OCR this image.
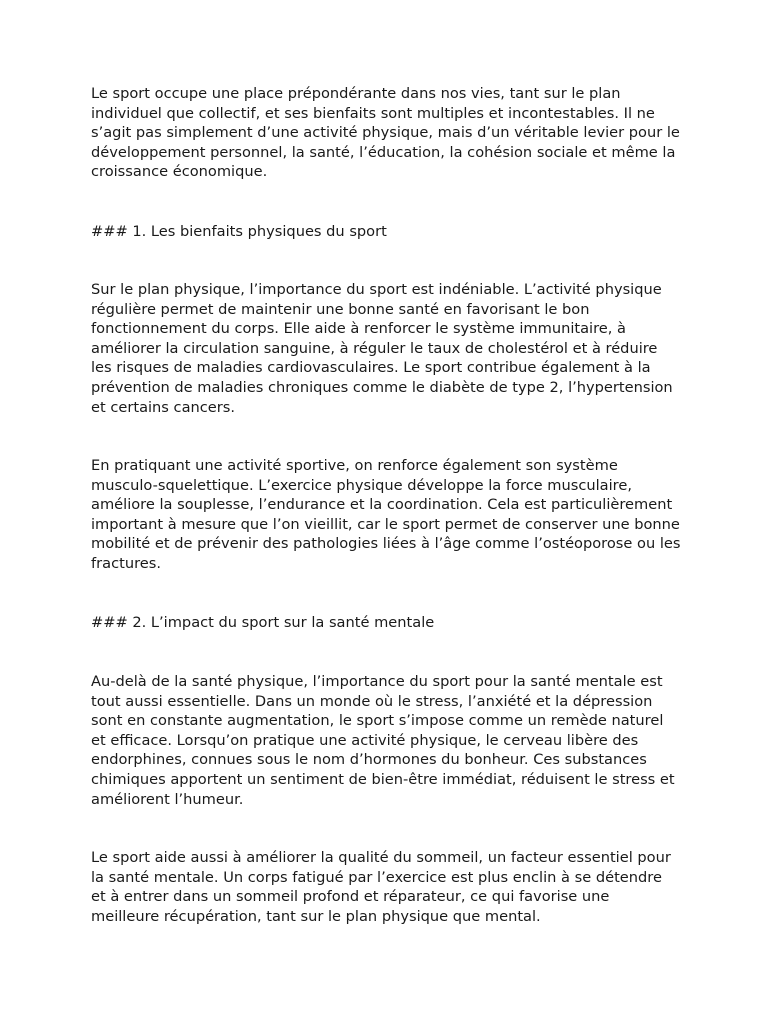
Le sport occupe une place prépondérante dans nos vies, tant sur le plan individuel que collectif, et ses bienfaits sont multiples et incontestables. Il ne s’agit pas simplement d’une activité physique, mais d’un véritable levier pour le développement personnel, la santé, l’éducation, la cohésion sociale et même la croissance économique.

### 1. Les bienfaits physiques du sport

Sur le plan physique, l’importance du sport est indéniable. L’activité physique régulière permet de maintenir une bonne santé en favorisant le bon fonctionnement du corps. Elle aide à renforcer le système immunitaire, à améliorer la circulation sanguine, à réguler le taux de cholestérol et à réduire les risques de maladies cardiovasculaires. Le sport contribue également à la prévention de maladies chroniques comme le diabète de type 2, l’hypertension et certains cancers.

En pratiquant une activité sportive, on renforce également son système musculo-squelettique. L’exercice physique développe la force musculaire, améliore la souplesse, l’endurance et la coordination. Cela est particulièrement important à mesure que l’on vieillit, car le sport permet de conserver une bonne mobilité et de prévenir des pathologies liées à l’âge comme l’ostéoporose ou les fractures.

### 2. L’impact du sport sur la santé mentale

Au-delà de la santé physique, l’importance du sport pour la santé mentale est tout aussi essentielle. Dans un monde où le stress, l’anxiété et la dépression sont en constante augmentation, le sport s’impose comme un remède naturel et efficace. Lorsqu’on pratique une activité physique, le cerveau libère des endorphines, connues sous le nom d’hormones du bonheur. Ces substances chimiques apportent un sentiment de bien-être immédiat, réduisent le stress et améliorent l’humeur.

Le sport aide aussi à améliorer la qualité du sommeil, un facteur essentiel pour la santé mentale. Un corps fatigué par l’exercice est plus enclin à se détendre et à entrer dans un sommeil profond et réparateur, ce qui favorise une meilleure récupération, tant sur le plan physique que mental.
